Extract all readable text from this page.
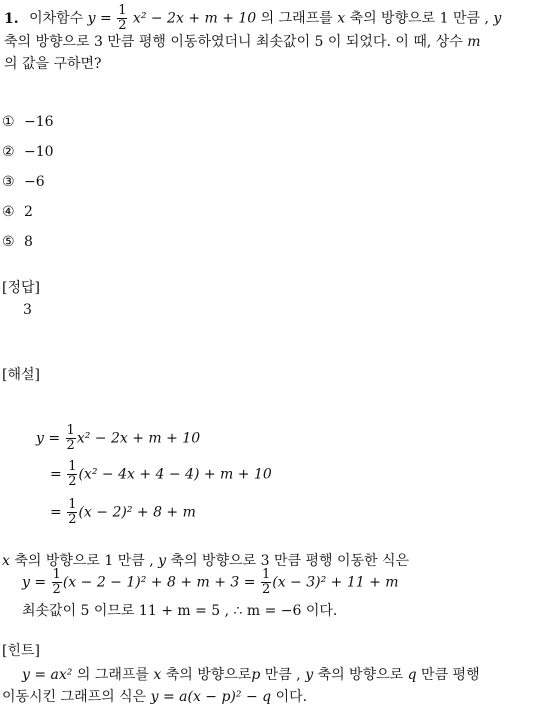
1. 이차함수 $y = \frac{1}{2} x^2 - 2x + m + 10$ 의 그래프를 x 축의 방향으로 1 만큼 , y
축의 방향으로 3 만큼 평행 이동하였더니 최솟값이 5 이 되었다. 이 때, 상수 m
의 값을 구하면?
① −16
② −10
③ −6
④ 2
⑤ 8
[정답]
3
[해설]
$y = \frac{1}{2} x^2 - 2x + m + 10$
= $\frac{1}{2} (x^2 - 4x + 4 - 4) + m + 10$
= $\frac{1}{2} (x - 2)^2 + 8 + m$
x 축의 방향으로 1 만큼 , y 축의 방향으로 3 만큼 평행 이동한 식은
$y = \frac{1}{2} (x - 2 - 1)^2 + 8 + m + 3 = \frac{1}{2} (x - 3)^2 + 11 + m$
최솟값이 5 이므로 11 + m = 5 , ∴ m = −6 이다.
[힌트]
y = ax² 의 그래프를 x 축의 방향으로p 만큼 , y 축의 방향으로 q 만큼 평행
이동시킨 그래프의 식은 y = a(x − p)² − q 이다.
